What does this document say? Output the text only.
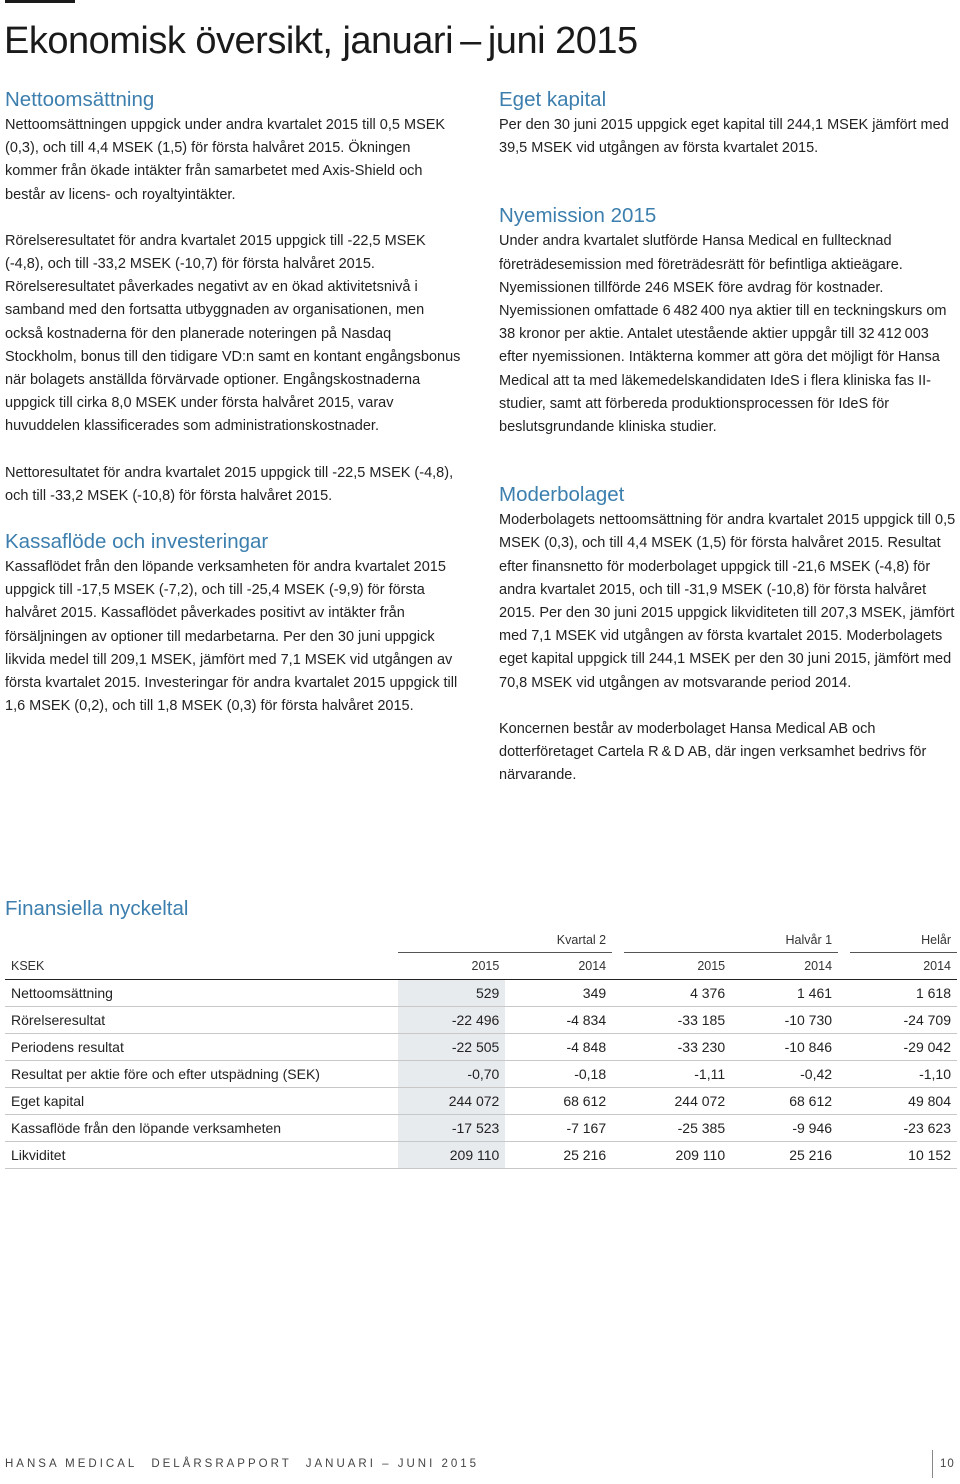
Ekonomisk översikt, januari – juni 2015
Nettoomsättning

Nettoomsättningen uppgick under andra kvartalet 2015 till 0,5 MSEK (0,3), och till 4,4 MSEK (1,5) för första halvåret 2015. Ökningen kommer från ökade intäkter från samarbetet med Axis-Shield och består av licens- och royaltyintäkter.

Rörelseresultatet för andra kvartalet 2015 uppgick till -22,5 MSEK (-4,8), och till -33,2 MSEK (-10,7) för första halvåret 2015. Rörelseresultatet påverkades negativt av en ökad aktivitetsnivå i samband med den fortsatta utbyggnaden av organisationen, men också kostnaderna för den planerade noteringen på Nasdaq Stockholm, bonus till den tidigare VD:n samt en kontant engångsbonus när bolagets anställda förvärvade optioner. Engångskostnaderna uppgick till cirka 8,0 MSEK under första halvåret 2015, varav huvuddelen klassificerades som administrationskostnader.

Nettoresultatet för andra kvartalet 2015 uppgick till -22,5 MSEK (-4,8), och till -33,2 MSEK (-10,8) för första halvåret 2015.

Kassaflöde och investeringar

Kassaflödet från den löpande verksamheten för andra kvartalet 2015 uppgick till -17,5 MSEK (-7,2), och till -25,4 MSEK (-9,9) för första halvåret 2015. Kassaflödet påverkades positivt av intäkter från försäljningen av optioner till medarbetarna. Per den 30 juni uppgick likvida medel till 209,1 MSEK, jämfört med 7,1 MSEK vid utgången av första kvartalet 2015. Investeringar för andra kvartalet 2015 uppgick till 1,6 MSEK (0,2), och till 1,8 MSEK (0,3) för första halvåret 2015.

Eget kapital

Per den 30 juni 2015 uppgick eget kapital till 244,1 MSEK jämfört med 39,5 MSEK vid utgången av första kvartalet 2015.

Nyemission 2015

Under andra kvartalet slutförde Hansa Medical en fulltecknad företrädesemission med företrädesrätt för befintliga aktieägare. Nyemissionen tillförde 246 MSEK före avdrag för kostnader. Nyemissionen omfattade 6 482 400 nya aktier till en teckningskurs om 38 kronor per aktie. Antalet utestående aktier uppgår till 32 412 003 efter nyemissionen. Intäkterna kommer att göra det möjligt för Hansa Medical att ta med läkemedelskandidaten IdeS i flera kliniska fas II-studier, samt att förbereda produktionsprocessen för IdeS för beslutsgrundande kliniska studier.

Moderbolaget

Moderbolagets nettoomsättning för andra kvartalet 2015 uppgick till 0,5 MSEK (0,3), och till 4,4 MSEK (1,5) för första halvåret 2015. Resultat efter finansnetto för moderbolaget uppgick till -21,6 MSEK (-4,8) för andra kvartalet 2015, och till -31,9 MSEK (-10,8) för första halvåret 2015. Per den 30 juni 2015 uppgick likviditeten till 207,3 MSEK, jämfört med 7,1 MSEK vid utgången av första kvartalet 2015. Moderbolagets eget kapital uppgick till 244,1 MSEK per den 30 juni 2015, jämfört med 70,8 MSEK vid utgången av motsvarande period 2014.

Koncernen består av moderbolaget Hansa Medical AB och dotterföretaget Cartela R & D AB, där ingen verksamhet bedrivs för närvarande.

Finansiella nyckeltal
	Kvartal 2			Halvår 1			Helår
KSEK	2015	2014		2015	2014		2014
Nettoomsättning	529	349		4 376	1 461		1 618
Rörelseresultat	-22 496	-4 834		-33 185	-10 730		-24 709
Periodens resultat	-22 505	-4 848		-33 230	-10 846		-29 042
Resultat per aktie före och efter utspädning (SEK)	-0,70	-0,18		-1,11	-0,42		-1,10
Eget kapital	244 072	68 612		244 072	68 612		49 804
Kassaflöde från den löpande verksamheten	-17 523	-7 167		-25 385	-9 946		-23 623
Likviditet	209 110	25 216		209 110	25 216		10 152
HANSA MEDICAL DELÅRSRAPPORT JANUARI – JUNI 2015	10
